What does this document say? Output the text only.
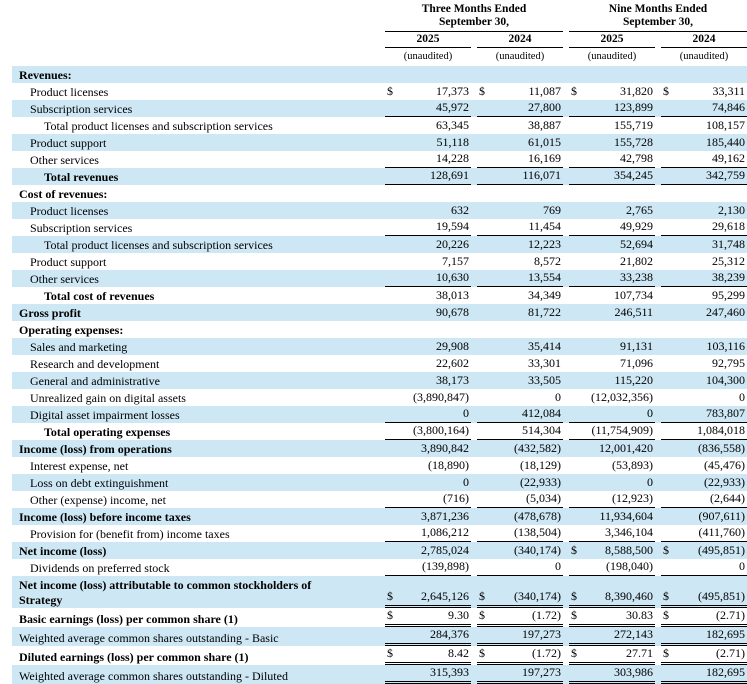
Three Months Ended
September 30,
2025	2024
(unaudited)	(unaudited)
Nine Months Ended
September 30,
2025	2024
(unaudited)	(unaudited)
Revenues:
Product licenses	$	17,373 $	11,087 $	31,820 $	33,311
Subscription services	45,972	27,800	123,899	74,846
Total product licenses and subscription services	63,345	38,887	155,719	108,157
Product support	51,118	61,015	155,728	185,440
Other services	14,228	16,169	42,798	49,162
Total revenues	128,691	116,071	354,245	342,759
Cost of revenues:
Product licenses	632	769	2,765	2,130
Subscription services	19,594	11,454	49,929	29,618
Total product licenses and subscription services	20,226	12,223	52,694	31,748
Product support	7,157	8,572	21,802	25,312
Other services	10,630	13,554	33,238	38,239
Total cost of revenues	38,013	34,349	107,734	95,299
Gross profit	90,678	81,722	246,511	247,460
Operating expenses:
Sales and marketing	29,908	35,414	91,131	103,116
Research and development	22,602	33,301	71,096	92,795
General and administrative	38,173	33,505	115,220	104,300
Unrealized gain on digital assets	(3,890,847)	0	(12,032,356)	0
Digital asset impairment losses	0	412,084	0	783,807
Total operating expenses	(3,800,164)	514,304	(11,754,909)	1,084,018
Income (loss) from operations	3,890,842	(432,582)	12,001,420	(836,558)
Interest expense, net	(18,890)	(18,129)	(53,893)	(45,476)
Loss on debt extinguishment	0	(22,933)	0	(22,933)
Other (expense) income, net	(716)	(5,034)	(12,923)	(2,644)
Income (loss) before income taxes	3,871,236	(478,678)	11,934,604	(907,611)
Provision for (benefit from) income taxes	1,086,212	(138,504)	3,346,104	(411,760)
Net income (loss)	2,785,024	(340,174) $ 8,588,500 $ (495,851)
Dividends on preferred stock	(139,898)	0	(198,040)	0
Net income (loss) attributable to common stockholders of
Strategy	$ 2,645,126 $ (340,174) $ 8,390,460 $ (495,851)
Basic earnings (loss) per common share (1)	$	9.30 $	(1.72) $	30.83 $	(2.71)
Weighted average common shares outstanding - Basic	284,376	197,273	272,143	182,695
Diluted earnings (loss) per common share (1)	$	8.42 $	(1.72) $	27.71 $	(2.71)
Weighted average common shares outstanding - Diluted	315,393	197,273	303,986	182,695
